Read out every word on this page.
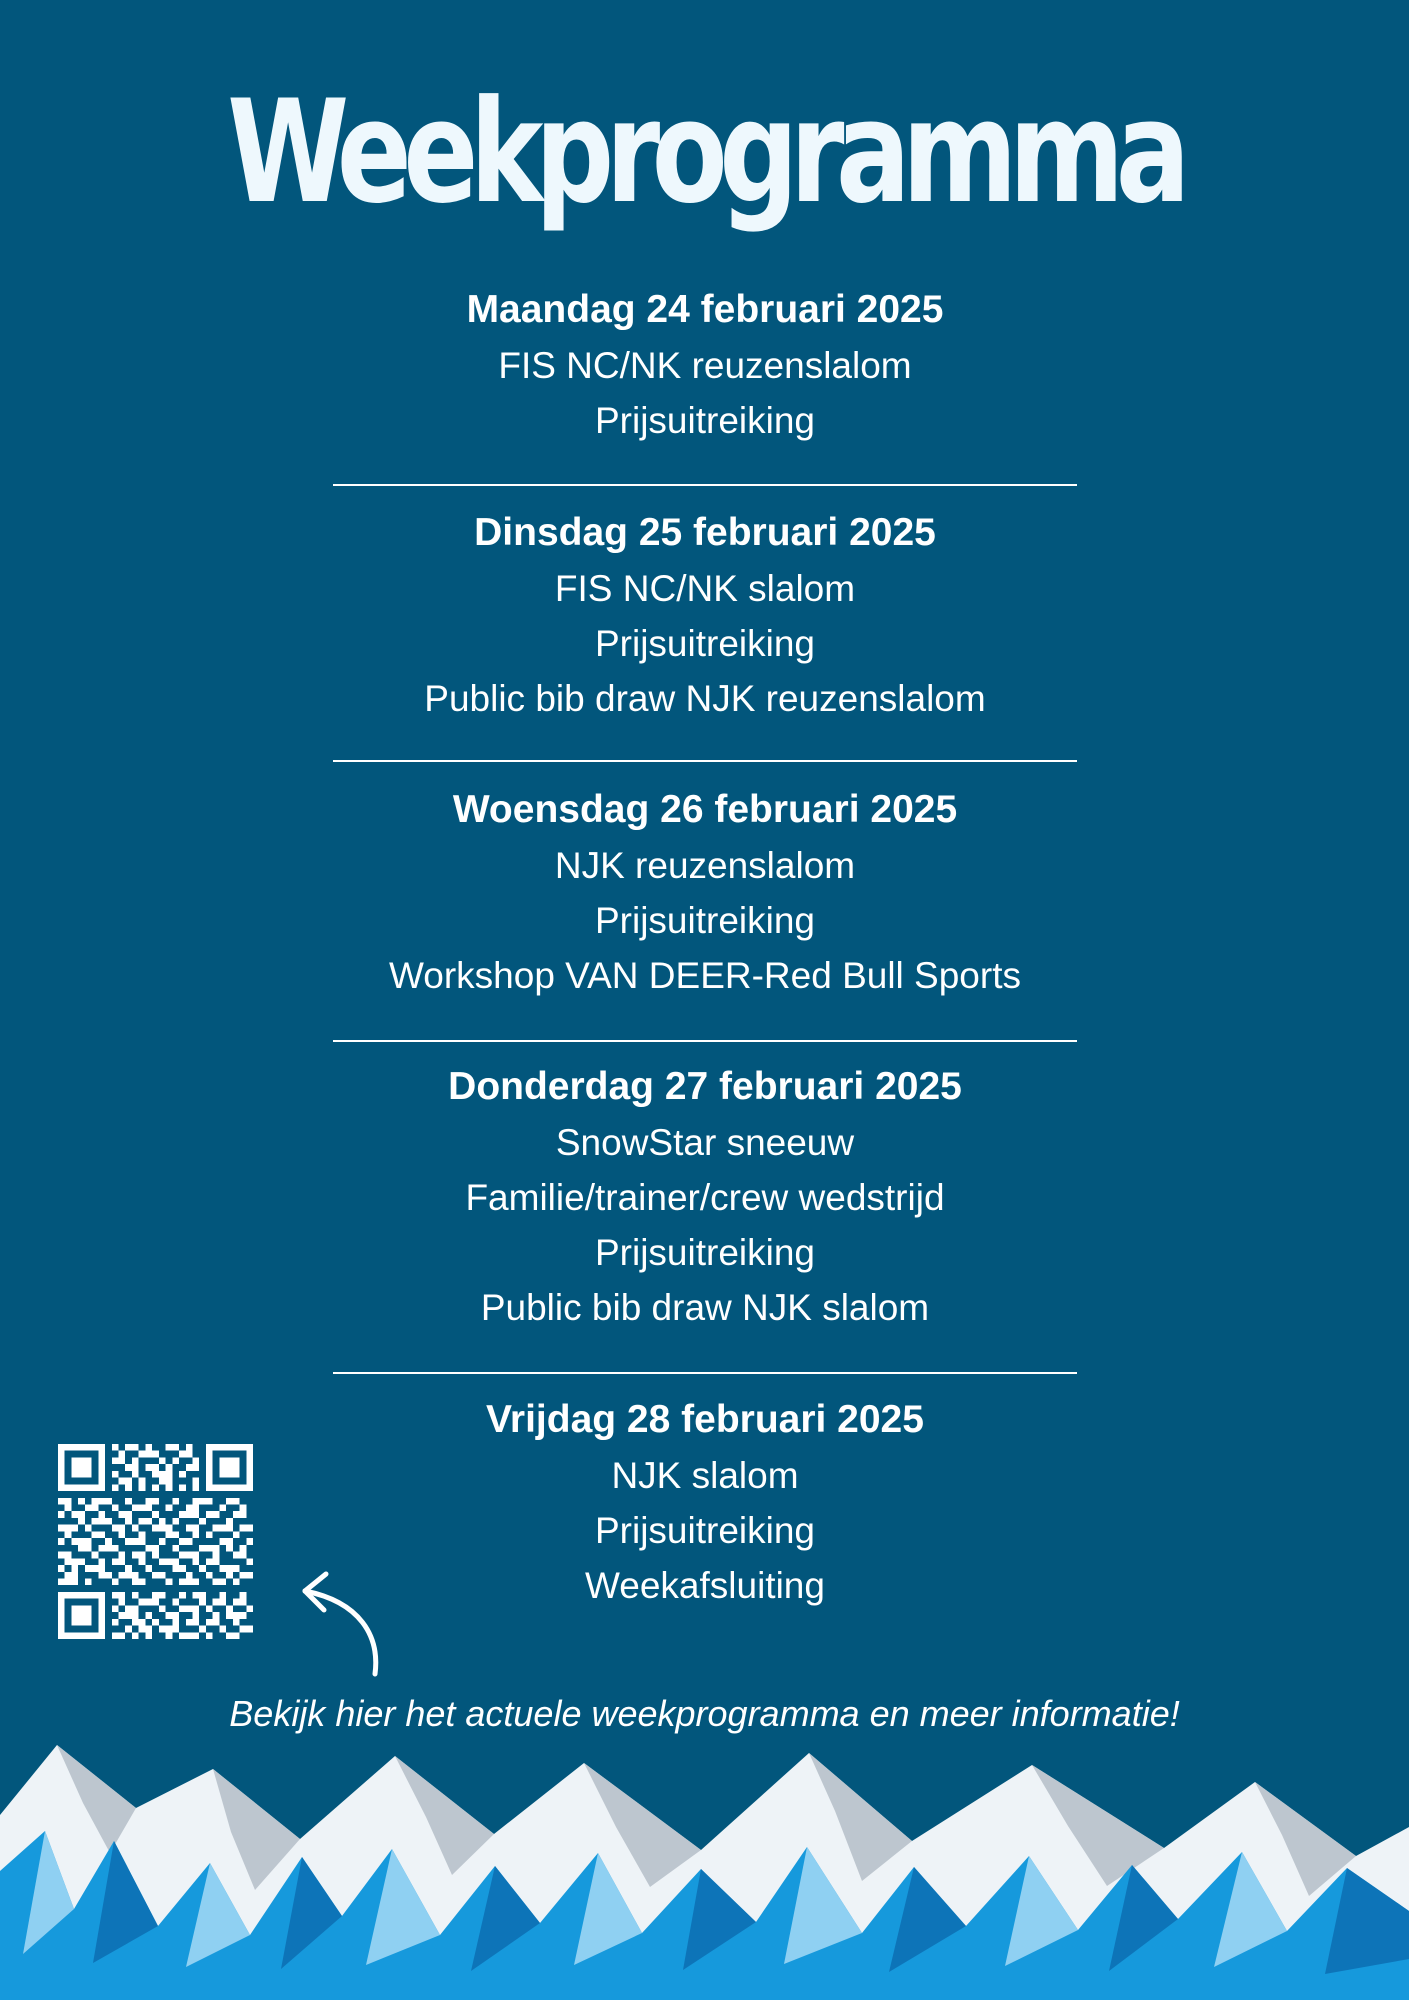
Weekprogramma
Maandag 24 februari 2025

FIS NC/NK reuzenslalom

Prijsuitreiking

Dinsdag 25 februari 2025

FIS NC/NK slalom

Prijsuitreiking

Public bib draw NJK reuzenslalom

Woensdag 26 februari 2025

NJK reuzenslalom

Prijsuitreiking

Workshop VAN DEER-Red Bull Sports

Donderdag 27 februari 2025

SnowStar sneeuw

Familie/trainer/crew wedstrijd

Prijsuitreiking

Public bib draw NJK slalom

Vrijdag 28 februari 2025

NJK slalom

Prijsuitreiking

Weekafsluiting

Bekijk hier het actuele weekprogramma en meer informatie!
